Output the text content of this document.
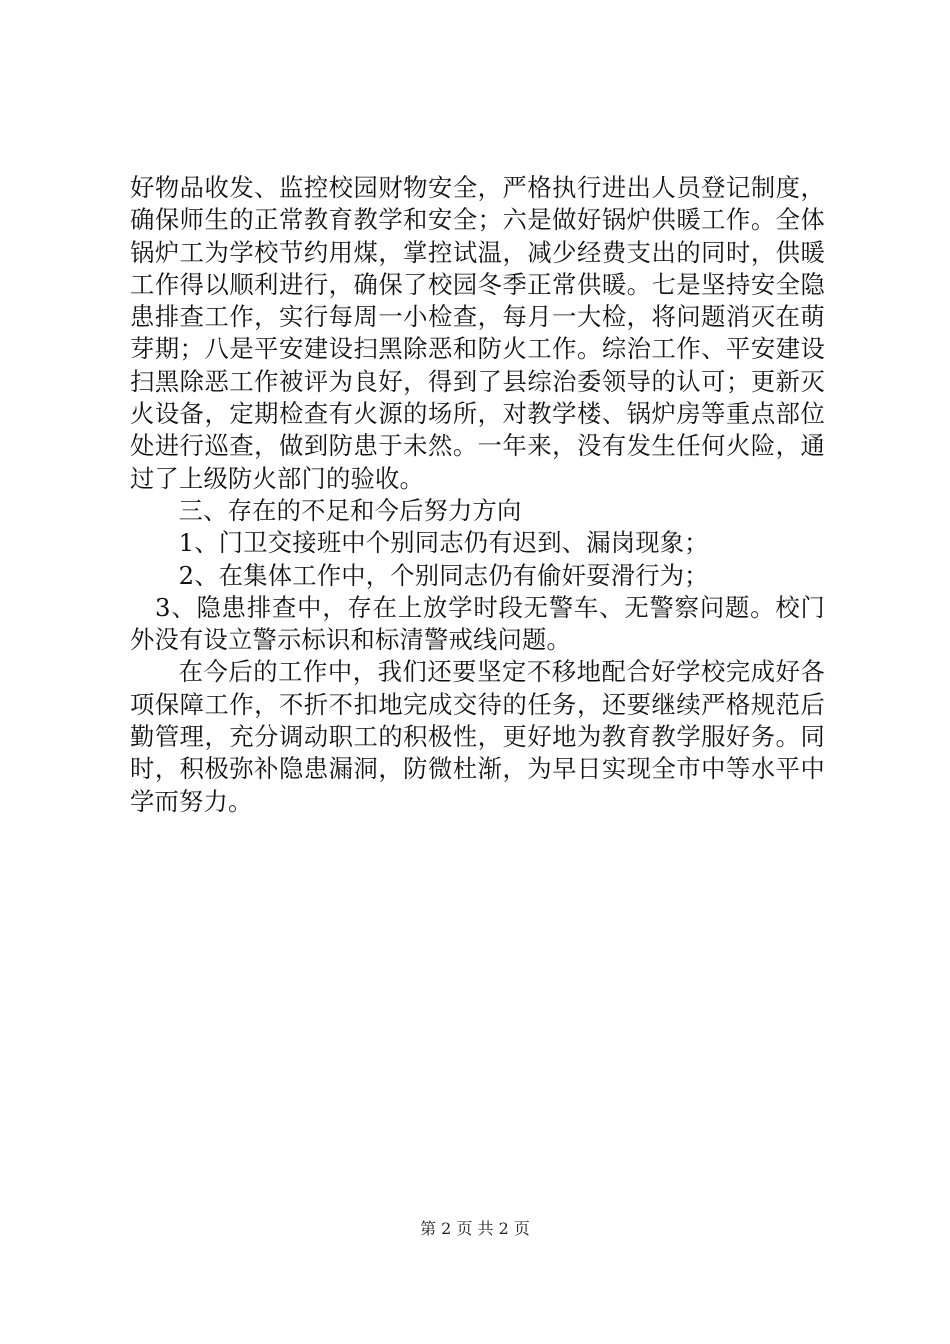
好物品收发、监控校园财物安全，严格执行进出人员登记制度，确保师生的正常教育教学和安全；六是做好锅炉供暖工作。全体锅炉工为学校节约用煤，掌控试温，减少经费支出的同时，供暖工作得以顺利进行，确保了校园冬季正常供暖。七是坚持安全隐患排查工作，实行每周一小检查，每月一大检，将问题消灭在萌芽期；八是平安建设扫黑除恶和防火工作。综治工作、平安建设扫黑除恶工作被评为良好，得到了县综治委领导的认可；更新灭火设备，定期检查有火源的场所，对教学楼、锅炉房等重点部位处进行巡查，做到防患于未然。一年来，没有发生任何火险，通过了上级防火部门的验收。

三、存在的不足和今后努力方向

1、门卫交接班中个别同志仍有迟到、漏岗现象；

2、在集体工作中，个别同志仍有偷奸耍滑行为；

3、隐患排查中，存在上放学时段无警车、无警察问题。校门外没有设立警示标识和标清警戒线问题。

在今后的工作中，我们还要坚定不移地配合好学校完成好各项保障工作，不折不扣地完成交待的任务，还要继续严格规范后勤管理，充分调动职工的积极性，更好地为教育教学服好务。同时，积极弥补隐患漏洞，防微杜渐，为早日实现全市中等水平中学而努力。

第 2 页 共 2 页
